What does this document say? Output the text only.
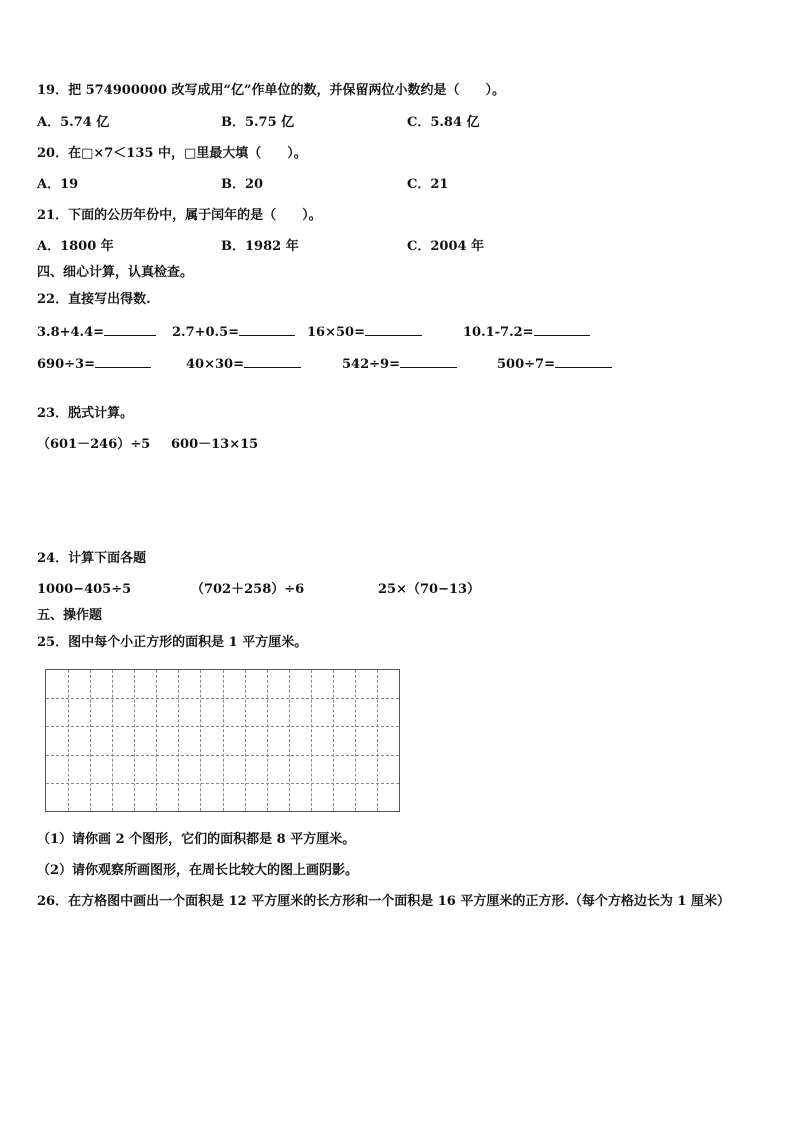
19．把 574900000 改写成用“亿”作单位的数，并保留两位小数约是（　　）。
A．5.74 亿	B．5.75 亿	C．5.84 亿
20．在□×7＜135 中，□里最大填（　　）。
A．19	B．20	C．21
21．下面的公历年份中，属于闰年的是（　　）。
A．1800 年	B．1982 年	C．2004 年
四、细心计算，认真检查。
22．直接写出得数.
3.8+4.4=	2.7+0.5=	16×50=	10.1-7.2=
690÷3=	40×30=	542÷9=	500÷7=
23．脱式计算。
（601－246）÷5 600－13×15
24．计算下面各题
1000−405÷5	（702＋258）÷6	25×（70−13）
五、操作题
25．图中每个小正方形的面积是 1 平方厘米。
（1）请你画 2 个图形，它们的面积都是 8 平方厘米。
（2）请你观察所画图形，在周长比较大的图上画阴影。
26．在方格图中画出一个面积是 12 平方厘米的长方形和一个面积是 16 平方厘米的正方形.（每个方格边长为 1 厘米）
